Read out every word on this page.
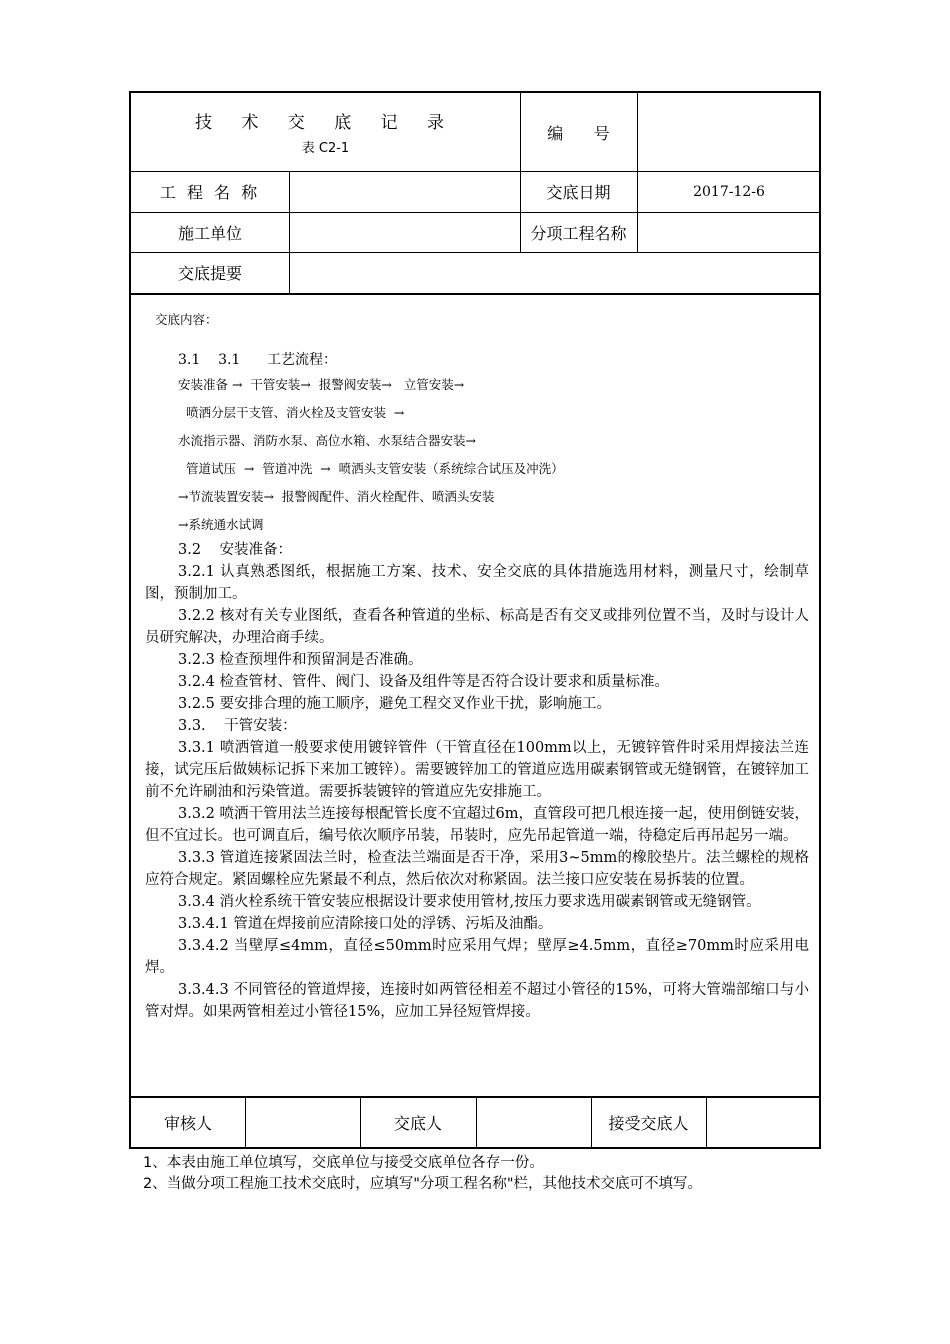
技 术 交 底 记 录
表 C2-1
编      号
工 程 名 称	交底日期	2017-12-6
施工单位	分项工程名称
交底提要

交底内容：

3.1    3.1      工艺流程：

安装准备 →  干管安装→  报警阀安装→   立管安装→

喷洒分层干支管、消火栓及支管安装  →

水流指示器、消防水泵、高位水箱、水泵结合器安装→

管道试压  →  管道冲洗  →  喷洒头支管安装（系统综合试压及冲洗）

→节流装置安装→  报警阀配件、消火栓配件、喷洒头安装

→系统通水试调

3.2    安装准备：

3.2.1 认真熟悉图纸，根据施工方案、技术、安全交底的具体措施选用材料，测量尺寸，绘制草图，预制加工。

3.2.2 核对有关专业图纸，查看各种管道的坐标、标高是否有交叉或排列位置不当，及时与设计人员研究解决，办理洽商手续。

3.2.3 检查预埋件和预留洞是否准确。

3.2.4 检查管材、管件、阀门、设备及组件等是否符合设计要求和质量标准。

3.2.5 要安排合理的施工顺序，避免工程交叉作业干扰，影响施工。

3.3.    干管安装：

3.3.1 喷洒管道一般要求使用镀锌管件（干管直径在100mm以上，无镀锌管件时采用焊接法兰连接，试完压后做姨标记拆下来加工镀锌）。需要镀锌加工的管道应选用碳素钢管或无缝钢管，在镀锌加工前不允许刷油和污染管道。需要拆装镀锌的管道应先安排施工。

3.3.2 喷洒干管用法兰连接每根配管长度不宜超过6m，直管段可把几根连接一起，使用倒链安装，但不宜过长。也可调直后，编号依次顺序吊装，吊装时，应先吊起管道一端，待稳定后再吊起另一端。

3.3.3 管道连接紧固法兰时，检查法兰端面是否干净，采用3~5mm的橡胶垫片。法兰螺栓的规格应符合规定。紧固螺栓应先紧最不利点，然后依次对称紧固。法兰接口应安装在易拆装的位置。

3.3.4 消火栓系统干管安装应根据设计要求使用管材,按压力要求选用碳素钢管或无缝钢管。

3.3.4.1 管道在焊接前应清除接口处的浮锈、污垢及油酯。

3.3.4.2 当壁厚≤4mm，直径≤50mm时应采用气焊；壁厚≥4.5mm，直径≥70mm时应采用电焊。

3.3.4.3 不同管径的管道焊接，连接时如两管径相差不超过小管径的15%，可将大管端部缩口与小管对焊。如果两管相差过小管径15%，应加工异径短管焊接。

审核人	交底人	接受交底人
1、本表由施工单位填写，交底单位与接受交底单位各存一份。
2、当做分项工程施工技术交底时，应填写"分项工程名称"栏，其他技术交底可不填写。
